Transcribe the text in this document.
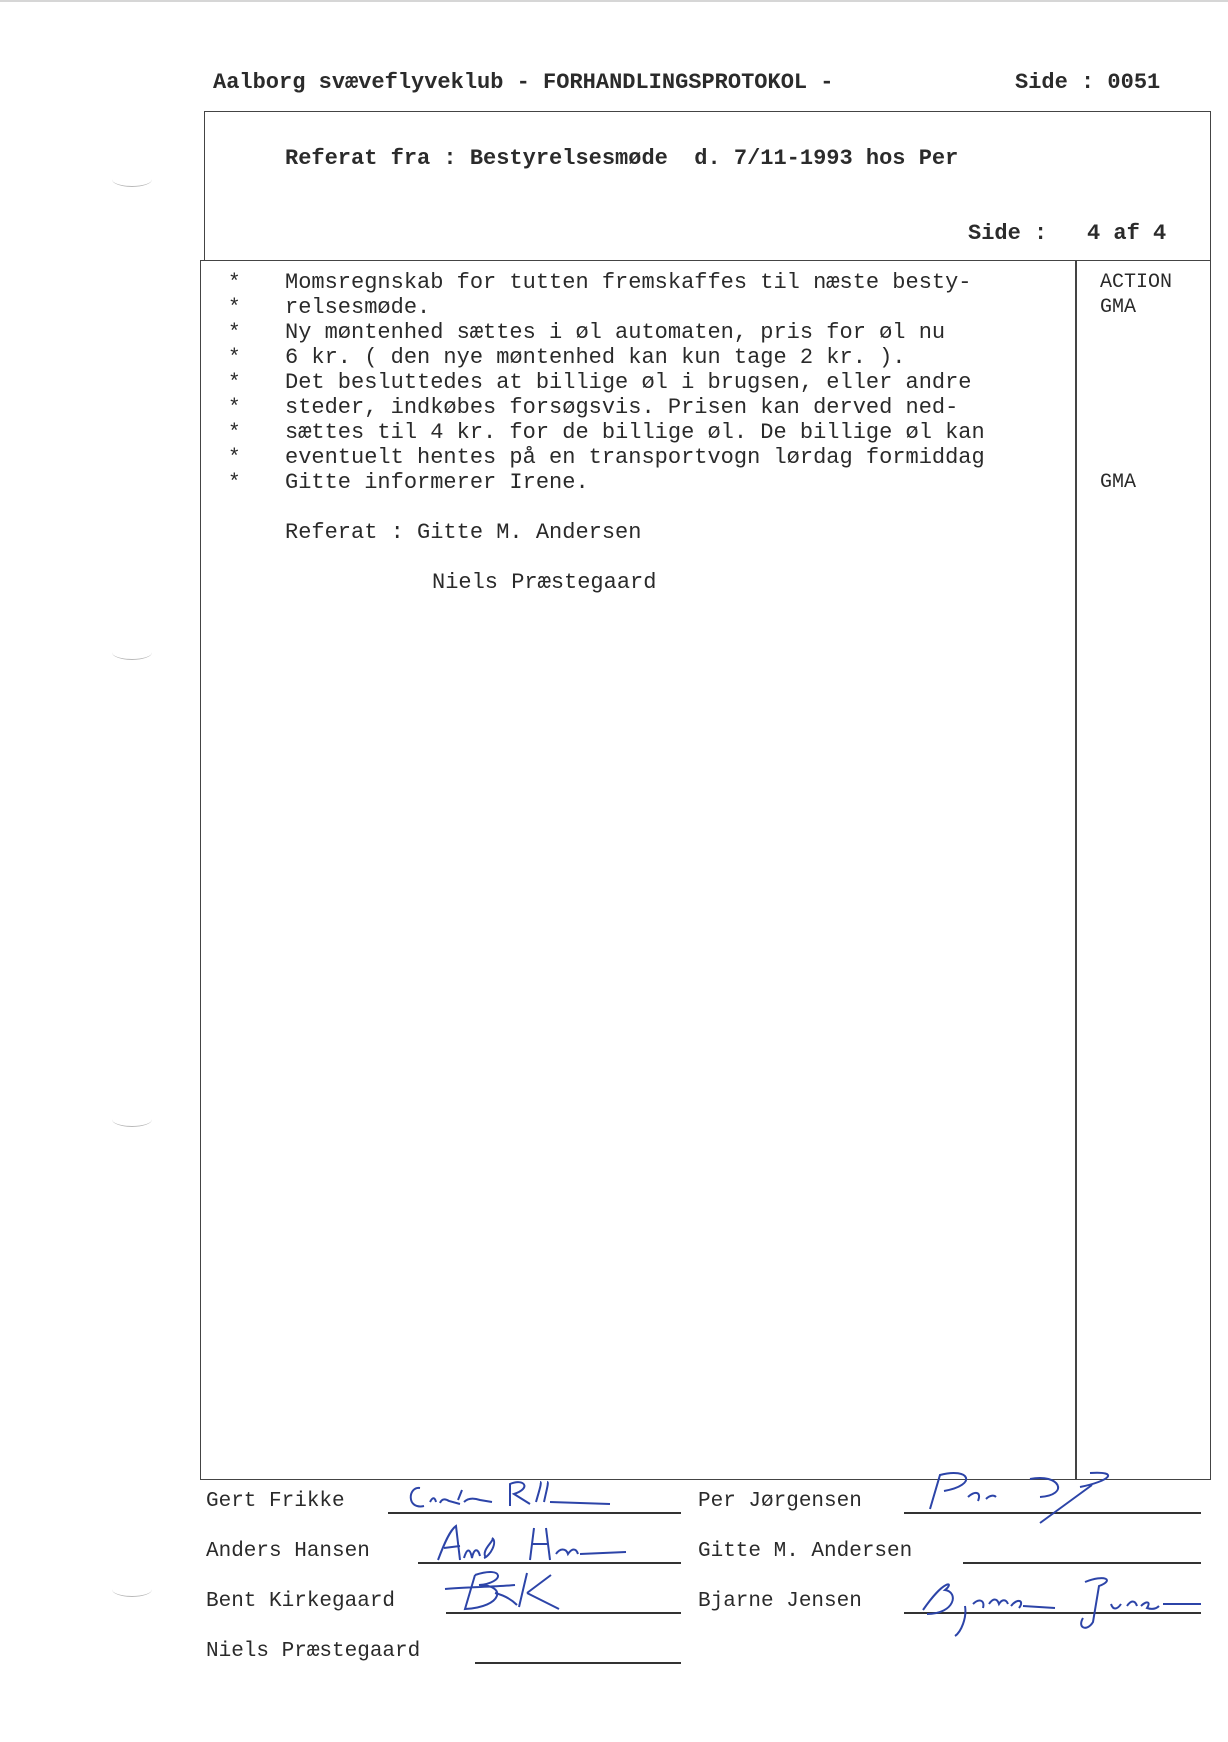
Aalborg svæveflyveklub - FORHANDLINGSPROTOKOL -	Side : 0051
Referat fra : Bestyrelsesmøde  d. 7/11-1993 hos Per
Side : 4 af 4
*
*
*
*
*
*
*
*
*
Momsregnskab for tutten fremskaffes til næste besty-
relsesmøde.
Ny møntenhed sættes i øl automaten, pris for øl nu
6 kr. ( den nye møntenhed kan kun tage 2 kr. ).
Det besluttedes at billige øl i brugsen, eller andre
steder, indkøbes forsøgsvis. Prisen kan derved ned-
sættes til 4 kr. for de billige øl. De billige øl kan
eventuelt hentes på en transportvogn lørdag formiddag
Gitte informerer Irene.
ACTION
GMA
GMA
Referat : Gitte M. Andersen
Niels Præstegaard
Gert Frikke
Anders Hansen
Bent Kirkegaard
Niels Præstegaard
Per Jørgensen
Gitte M. Andersen
Bjarne Jensen
